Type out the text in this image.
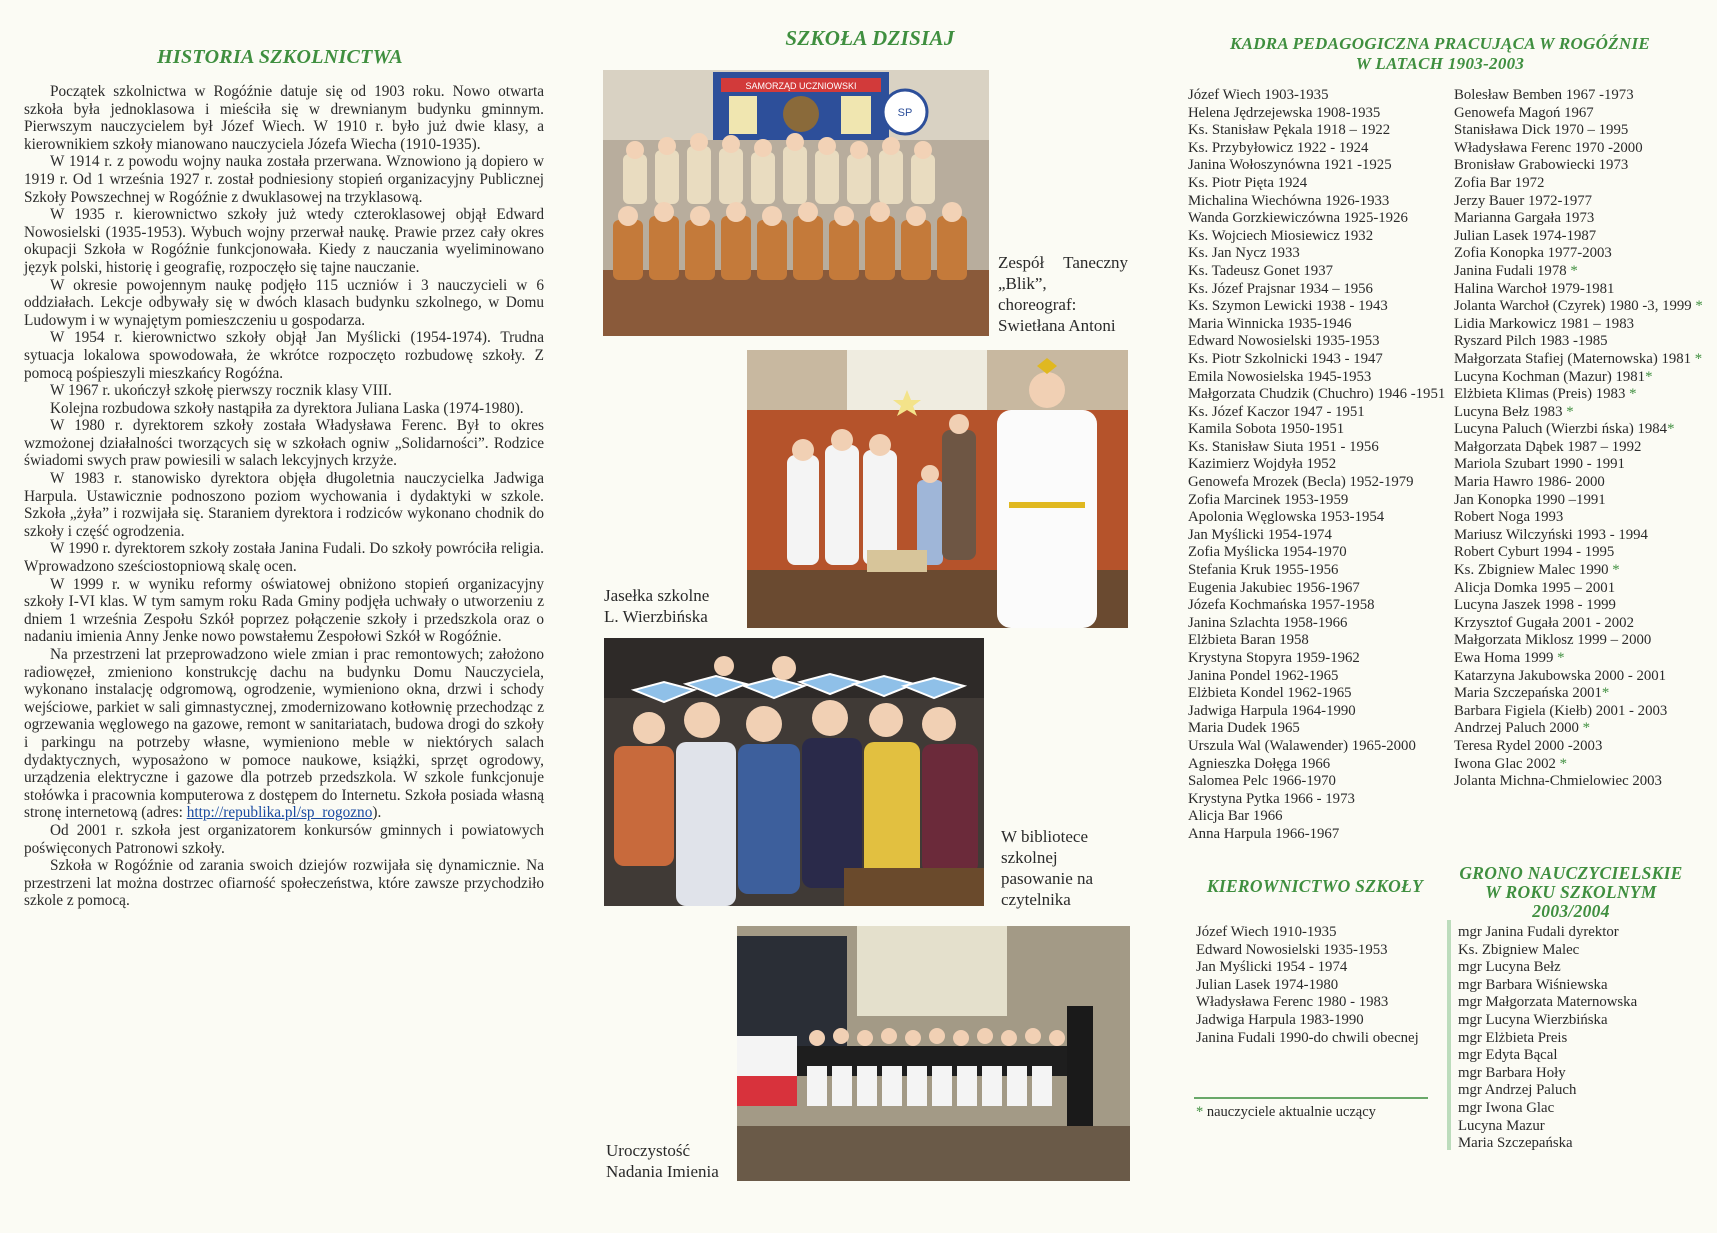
HISTORIA SZKOLNICTWA

Początek szkolnictwa w Rogóźnie datuje się od 1903 roku. Nowo otwarta szkoła była jednoklasowa i mieściła się w drewnianym budynku gminnym. Pierwszym nauczycielem był Józef Wiech. W 1910 r. było już dwie klasy, a kierownikiem szkoły mianowano nauczyciela Józefa Wiecha (1910-1935).

W 1914 r. z powodu wojny nauka została przerwana. Wznowiono ją dopiero w 1919 r. Od 1 września 1927 r. został podniesiony stopień organizacyjny Publicznej Szkoły Powszechnej w Rogóźnie z dwuklasowej na trzyklasową.

W 1935 r. kierownictwo szkoły już wtedy czteroklasowej objął Edward Nowosielski (1935-1953). Wybuch wojny przerwał naukę. Prawie przez cały okres okupacji Szkoła w Rogóźnie funkcjonowała. Kiedy z nauczania wyeliminowano język polski, historię i geografię, rozpoczęło się tajne nauczanie.

W okresie powojennym naukę podjęło 115 uczniów i 3 nauczycieli w 6 oddziałach. Lekcje odbywały się w dwóch klasach budynku szkolnego, w Domu Ludowym i w wynajętym pomieszczeniu u gospodarza.

W 1954 r. kierownictwo szkoły objął Jan Myślicki (1954-1974). Trudna sytuacja lokalowa spowodowała, że wkrótce rozpoczęto rozbudowę szkoły. Z pomocą pośpieszyli mieszkańcy Rogóźna.

W 1967 r. ukończył szkołę pierwszy rocznik klasy VIII.

Kolejna rozbudowa szkoły nastąpiła za dyrektora Juliana Laska (1974-1980).

W 1980 r. dyrektorem szkoły została Władysława Ferenc. Był to okres wzmożonej działalności tworzących się w szkołach ogniw „Solidarności”. Rodzice świadomi swych praw powiesili w salach lekcyjnych krzyże.

W 1983 r. stanowisko dyrektora objęła długoletnia nauczycielka Jadwiga Harpula. Ustawicznie podnoszono poziom wychowania i dydaktyki w szkole. Szkoła „żyła” i rozwijała się. Staraniem dyrektora i rodziców wykonano chodnik do szkoły i część ogrodzenia.

W 1990 r. dyrektorem szkoły została Janina Fudali. Do szkoły powróciła religia. Wprowadzono sześciostopniową skalę ocen.

W 1999 r. w wyniku reformy oświatowej obniżono stopień organizacyjny szkoły I-VI klas. W tym samym roku Rada Gminy podjęła uchwały o utworzeniu z dniem 1 września Zespołu Szkół poprzez połączenie szkoły i przedszkola oraz o nadaniu imienia Anny Jenke nowo powstałemu Zespołowi Szkół w Rogóźnie.

Na przestrzeni lat przeprowadzono wiele zmian i prac remontowych; założono radiowęzeł, zmieniono konstrukcję dachu na budynku Domu Nauczyciela, wykonano instalację odgromową, ogrodzenie, wymieniono okna, drzwi i schody wejściowe, parkiet w sali gimnastycznej, zmodernizowano kotłownię przechodząc z ogrzewania węglowego na gazowe, remont w sanitariatach, budowa drogi do szkoły i parkingu na potrzeby własne, wymieniono meble w niektórych salach dydaktycznych, wyposażono w pomoce naukowe, książki, sprzęt ogrodowy, urządzenia elektryczne i gazowe dla potrzeb przedszkola. W szkole funkcjonuje stołówka i pracownia komputerowa z dostępem do Internetu. Szkoła posiada własną stronę internetową (adres: http://republika.pl/sp_rogozno).

Od 2001 r. szkoła jest organizatorem konkursów gminnych i powiatowych poświęconych Patronowi szkoły.

Szkoła w Rogóźnie od zarania swoich dziejów rozwijała się dynamicznie. Na przestrzeni lat można dostrzec ofiarność społeczeństwa, które zawsze przychodziło szkole z pomocą.

SZKOŁA DZISIAJ
SAMORZĄD UCZNIOWSKI
SP
Zespół Taneczny
„Blik”,
choreograf:
Swietłana Antoni
Jasełka szkolne
L. Wierzbińska
W bibliotece
szkolnej
pasowanie na
czytelnika
Uroczystość
Nadania Imienia
KADRA PEDAGOGICZNA PRACUJĄCA W ROGÓŹNIE
W LATACH 1903-2003
Józef Wiech 1903-1935
Helena Jędrzejewska 1908-1935
Ks. Stanisław Pękala 1918 – 1922
Ks. Przybyłowicz 1922 - 1924
Janina Wołoszynówna 1921 -1925
Ks. Piotr Pięta 1924
Michalina Wiechówna 1926-1933
Wanda Gorzkiewiczówna 1925-1926
Ks. Wojciech Miosiewicz 1932
Ks. Jan Nycz 1933
Ks. Tadeusz Gonet 1937
Ks. Józef Prajsnar 1934 – 1956
Ks. Szymon Lewicki 1938 - 1943
Maria Winnicka 1935-1946
Edward Nowosielski 1935-1953
Ks. Piotr Szkolnicki 1943 - 1947
Emila Nowosielska 1945-1953
Małgorzata Chudzik (Chuchro) 1946 -1951
Ks. Józef Kaczor 1947 - 1951
Kamila Sobota 1950-1951
Ks. Stanisław Siuta 1951 - 1956
Kazimierz Wojdyła 1952
Genowefa Mrozek (Becla) 1952-1979
Zofia Marcinek 1953-1959
Apolonia Węglowska 1953-1954
Jan Myślicki 1954-1974
Zofia Myślicka 1954-1970
Stefania Kruk 1955-1956
Eugenia Jakubiec 1956-1967
Józefa Kochmańska 1957-1958
Janina Szlachta 1958-1966
Elżbieta Baran 1958
Krystyna Stopyra 1959-1962
Janina Pondel 1962-1965
Elżbieta Kondel 1962-1965
Jadwiga Harpula 1964-1990
Maria Dudek 1965
Urszula Wal (Walawender) 1965-2000
Agnieszka Dołęga 1966
Salomea Pelc 1966-1970
Krystyna Pytka 1966 - 1973
Alicja Bar 1966
Anna Harpula 1966-1967
Bolesław Bemben 1967 -1973
Genowefa Magoń 1967
Stanisława Dick 1970 – 1995
Władysława Ferenc 1970 -2000
Bronisław Grabowiecki 1973
Zofia Bar 1972
Jerzy Bauer 1972-1977
Marianna Gargała 1973
Julian Lasek 1974-1987
Zofia Konopka 1977-2003
Janina Fudali 1978 *
Halina Warchoł 1979-1981
Jolanta Warchoł (Czyrek) 1980 -3, 1999 *
Lidia Markowicz 1981 – 1983
Ryszard Pilch 1983 -1985
Małgorzata Stafiej (Maternowska) 1981 *
Lucyna Kochman (Mazur) 1981*
Elżbieta Klimas (Preis) 1983 *
Lucyna Bełz 1983 *
Lucyna Paluch (Wierzbi ńska) 1984*
Małgorzata Dąbek 1987 – 1992
Mariola Szubart 1990 - 1991
Maria Hawro 1986- 2000
Jan Konopka 1990 –1991
Robert Noga 1993
Mariusz Wilczyński 1993 - 1994
Robert Cyburt 1994 - 1995
Ks. Zbigniew Malec 1990 *
Alicja Domka 1995 – 2001
Lucyna Jaszek 1998 - 1999
Krzysztof Gugała 2001 - 2002
Małgorzata Miklosz 1999 – 2000
Ewa Homa 1999 *
Katarzyna Jakubowska 2000 - 2001
Maria Szczepańska 2001*
Barbara Figiela (Kiełb) 2001 - 2003
Andrzej Paluch 2000 *
Teresa Rydel 2000 -2003
Iwona Glac 2002 *
Jolanta Michna-Chmielowiec 2003
KIEROWNICTWO SZKOŁY
Józef Wiech 1910-1935
Edward Nowosielski 1935-1953
Jan Myślicki 1954 - 1974
Julian Lasek 1974-1980
Władysława Ferenc 1980 - 1983
Jadwiga Harpula 1983-1990
Janina Fudali 1990-do chwili obecnej

* nauczyciele aktualnie uczący

GRONO NAUCZYCIELSKIE
W ROKU SZKOLNYM
2003/2004
mgr Janina Fudali dyrektor
Ks. Zbigniew Malec
mgr Lucyna Bełz
mgr Barbara Wiśniewska
mgr Małgorzata Maternowska
mgr Lucyna Wierzbińska
mgr Elżbieta Preis
mgr Edyta Bącal
mgr Barbara Hoły
mgr Andrzej Paluch
mgr Iwona Glac
Lucyna Mazur
Maria Szczepańska
